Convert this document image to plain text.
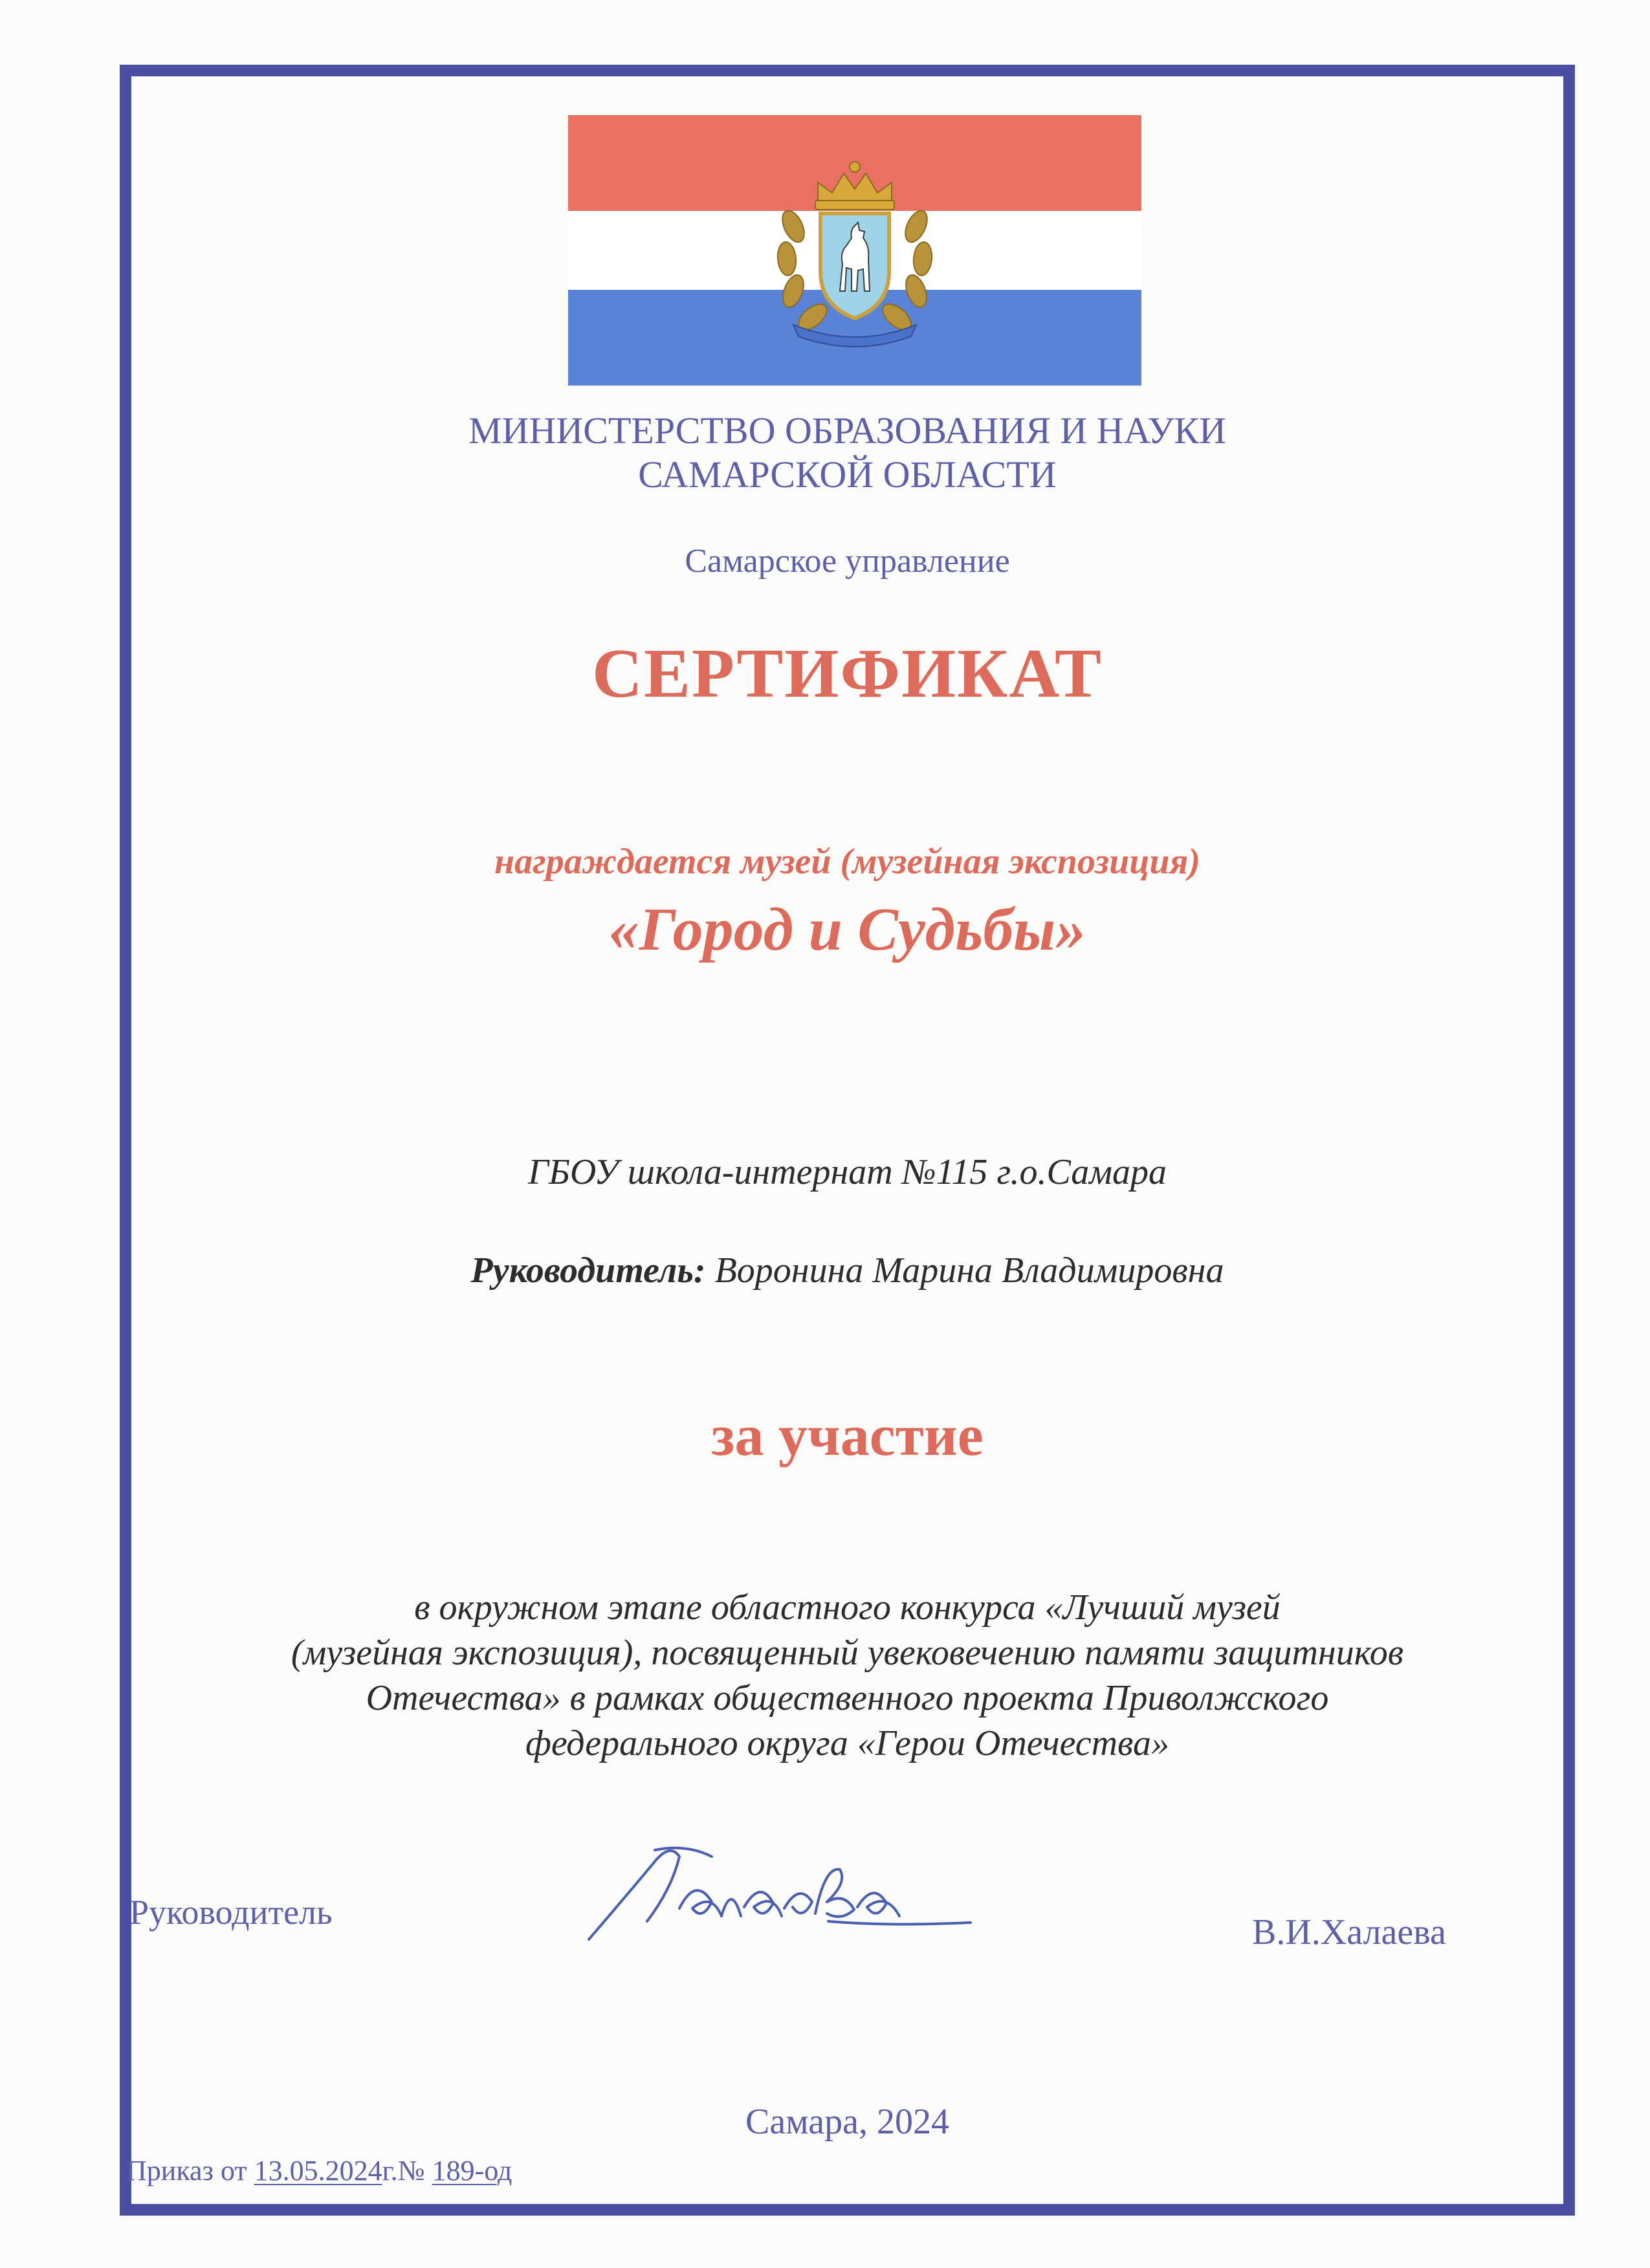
МИНИСТЕРСТВО ОБРАЗОВАНИЯ И НАУКИ
САМАРСКОЙ ОБЛАСТИ

Самарское управление

СЕРТИФИКАТ

награждается музей (музейная экспозиция)

«Город и Судьбы»

ГБОУ школа-интернат №115 г.о.Самара

Руководитель: Воронина Марина Владимировна

за участие

в окружном этапе областного конкурса «Лучший музей
(музейная экспозиция), посвященный увековечению памяти защитников
Отечества» в рамках общественного проекта Приволжского
федерального округа «Герои Отечества»

Руководитель	В.И.Халаева

Самара, 2024

Приказ от 13.05.2024г.№ 189-од
